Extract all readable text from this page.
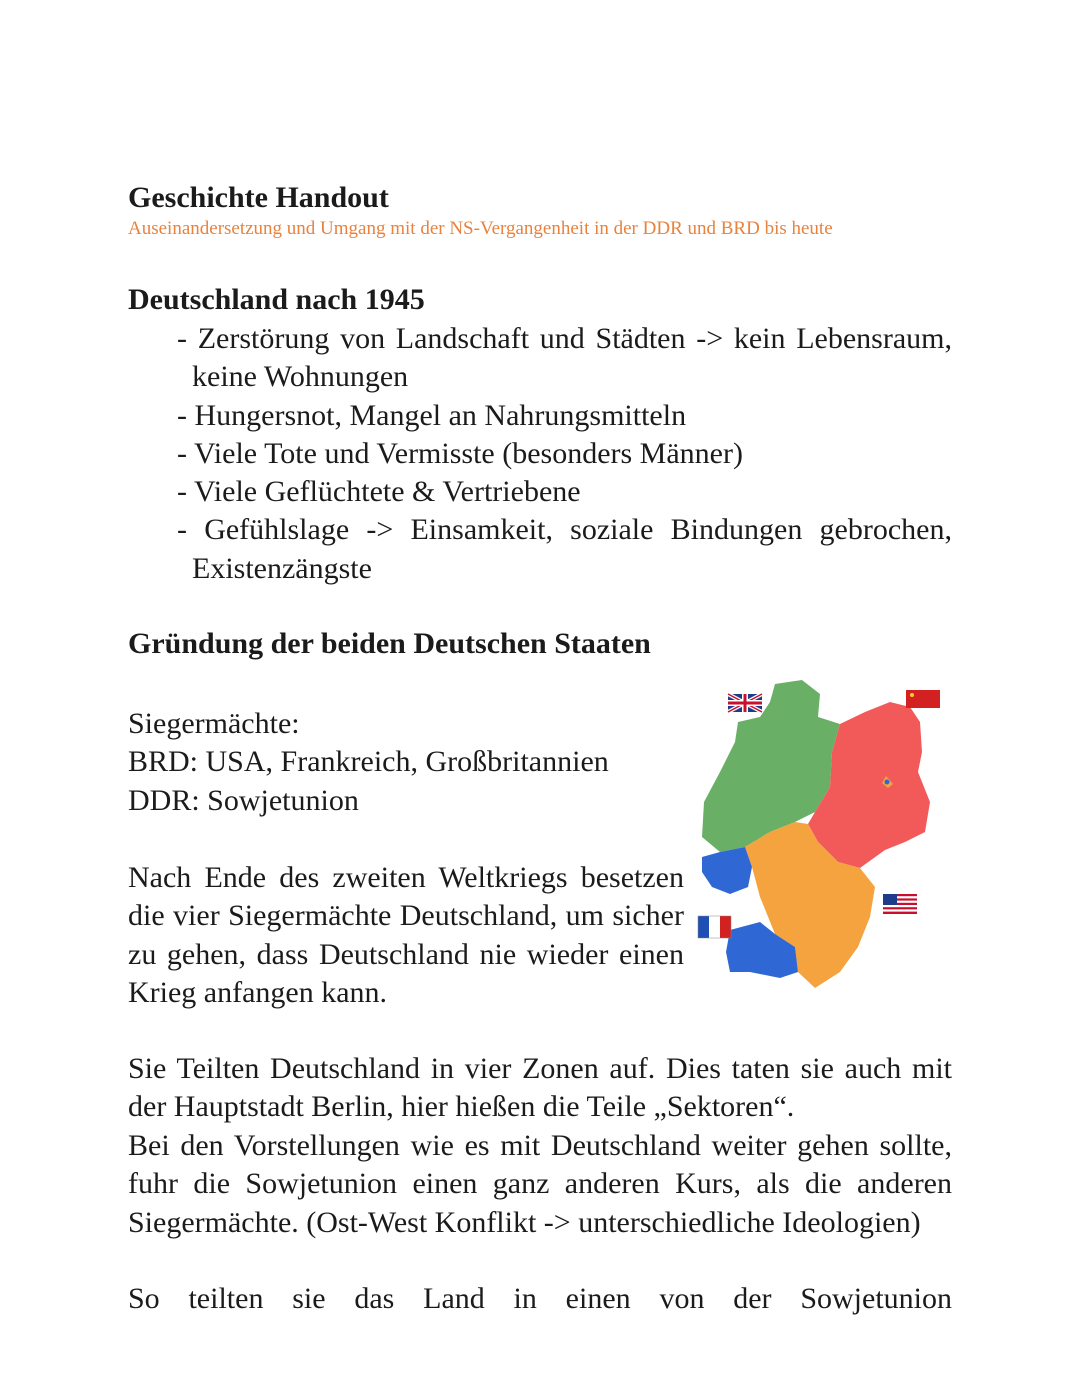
Geschichte Handout
Auseinandersetzung und Umgang mit der NS-Vergangenheit in der DDR und BRD bis heute
Deutschland nach 1945
- Zerstörung von Landschaft und Städten -> kein Lebensraum, keine Wohnungen
- Hungersnot, Mangel an Nahrungsmitteln
- Viele Tote und Vermisste (besonders Männer)
- Viele Geflüchtete & Vertriebene
- Gefühlslage -> Einsamkeit, soziale Bindungen gebrochen, Existenzängste
Gründung der beiden Deutschen Staaten
Siegermächte:
BRD: USA, Frankreich, Großbritannien
DDR: Sowjetunion

Nach Ende des zweiten Weltkriegs besetzen die vier Siegermächte Deutschland, um sicher zu gehen, dass Deutschland nie wieder einen Krieg anfangen kann.

Sie Teilten Deutschland in vier Zonen auf. Dies taten sie auch mit der Hauptstadt Berlin, hier hießen die Teile „Sektoren“.

Bei den Vorstellungen wie es mit Deutschland weiter gehen sollte, fuhr die Sowjetunion einen ganz anderen Kurs, als die anderen Siegermächte. (Ost-West Konflikt -> unterschiedliche Ideologien)

So teilten sie das Land in einen von der Sowjetunion
